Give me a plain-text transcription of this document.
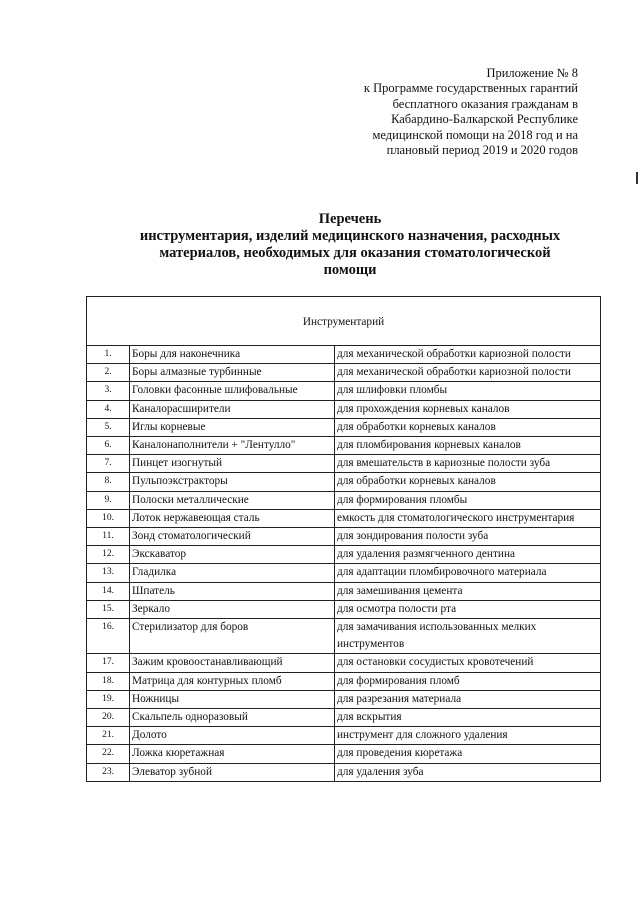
Приложение № 8
к Программе государственных гарантий
бесплатного оказания гражданам в
Кабардино-Балкарской Республике
медицинской помощи на 2018 год и на
плановый период 2019 и 2020 годов
Перечень
инструментария, изделий медицинского назначения, расходных
материалов, необходимых для оказания стоматологической
помощи
Инструментарий		
1.	Боры для наконечника	для механической обработки кариозной полости
2.	Боры алмазные турбинные	для механической обработки кариозной полости
3.	Головки фасонные шлифовальные	для шлифовки пломбы
4.	Каналорасширители	для прохождения корневых каналов
5.	Иглы корневые	для обработки корневых каналов
6.	Каналонаполнители + "Лентулло"	для пломбирования корневых каналов
7.	Пинцет изогнутый	для вмешательств в кариозные полости зуба
8.	Пульпоэкстракторы	для обработки корневых каналов
9.	Полоски металлические	для формирования пломбы
10.	Лоток нержавеющая сталь	емкость для стоматологического инструментария
11.	Зонд стоматологический	для зондирования полости зуба
12.	Экскаватор	для удаления размягченного дентина
13.	Гладилка	для адаптации пломбировочного материала
14.	Шпатель	для замешивания цемента
15.	Зеркало	для осмотра полости рта
16.	Стерилизатор для боров	для замачивания использованных мелких инструментов
17.	Зажим кровоостанавливающий	для остановки сосудистых кровотечений
18.	Матрица для контурных пломб	для формирования пломб
19.	Ножницы	для разрезания материала
20.	Скальпель одноразовый	для вскрытия
21.	Долото	инструмент для сложного удаления
22.	Ложка кюретажная	для проведения кюретажа
23.	Элеватор зубной	для удаления зуба
